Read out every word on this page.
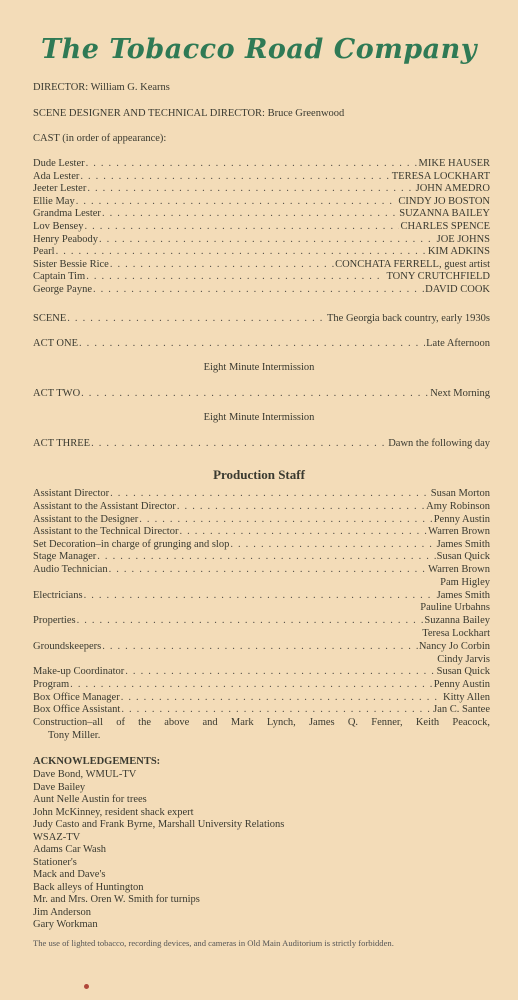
The Tobacco Road Company
DIRECTOR: William G. Kearns
SCENE DESIGNER AND TECHNICAL DIRECTOR: Bruce Greenwood
CAST (in order of appearance):
Dude Lester . . .	MIKE HAUSER
Ada Lester . . .	TERESA LOCKHART
Jeeter Lester . . .	JOHN AMEDRO
Ellie May . . .	CINDY JO BOSTON
Grandma Lester . . .	SUZANNA BAILEY
Lov Bensey . . .	CHARLES SPENCE
Henry Peabody . . .	JOE JOHNS
Pearl . . .	KIM ADKINS
Sister Bessie Rice . . .	CONCHATA FERRELL, guest artist
Captain Tim . . .	TONY CRUTCHFIELD
George Payne . . .	DAVID COOK
SCENE . . .	The Georgia back country, early 1930s
ACT ONE . . .	Late Afternoon
Eight Minute Intermission
ACT TWO . . .	Next Morning
Eight Minute Intermission
ACT THREE . . .	Dawn the following day
Production Staff
Assistant Director . . .	Susan Morton
Assistant to the Assistant Director . . .	Amy Robinson
Assistant to the Designer . . .	Penny Austin
Assistant to the Technical Director . . .	Warren Brown
Set Decoration–in charge of grunging and slop . . .	James Smith
Stage Manager . . .	Susan Quick
Audio Technician . . .	Warren Brown
Pam Higley
Electricians . . .	James Smith
Pauline Urbahns
Properties . . .	Suzanna Bailey
Teresa Lockhart
Groundskeepers . . .	Nancy Jo Corbin
Cindy Jarvis
Make-up Coordinator . . .	Susan Quick
Program . . .	Penny Austin
Box Office Manager . . .	Kitty Allen
Box Office Assistant . . .	Jan C. Santee
Construction–all of the above and Mark Lynch, James Q. Fenner, Keith Peacock,
Tony Miller.
ACKNOWLEDGEMENTS:
Dave Bond, WMUL-TV
Dave Bailey
Aunt Nelle Austin for trees
John McKinney, resident shack expert
Judy Casto and Frank Byrne, Marshall University Relations
WSAZ-TV
Adams Car Wash
Stationer's
Mack and Dave's
Back alleys of Huntington
Mr. and Mrs. Oren W. Smith for turnips
Jim Anderson
Gary Workman
The use of lighted tobacco, recording devices, and cameras in Old Main Auditorium is strictly forbidden.
